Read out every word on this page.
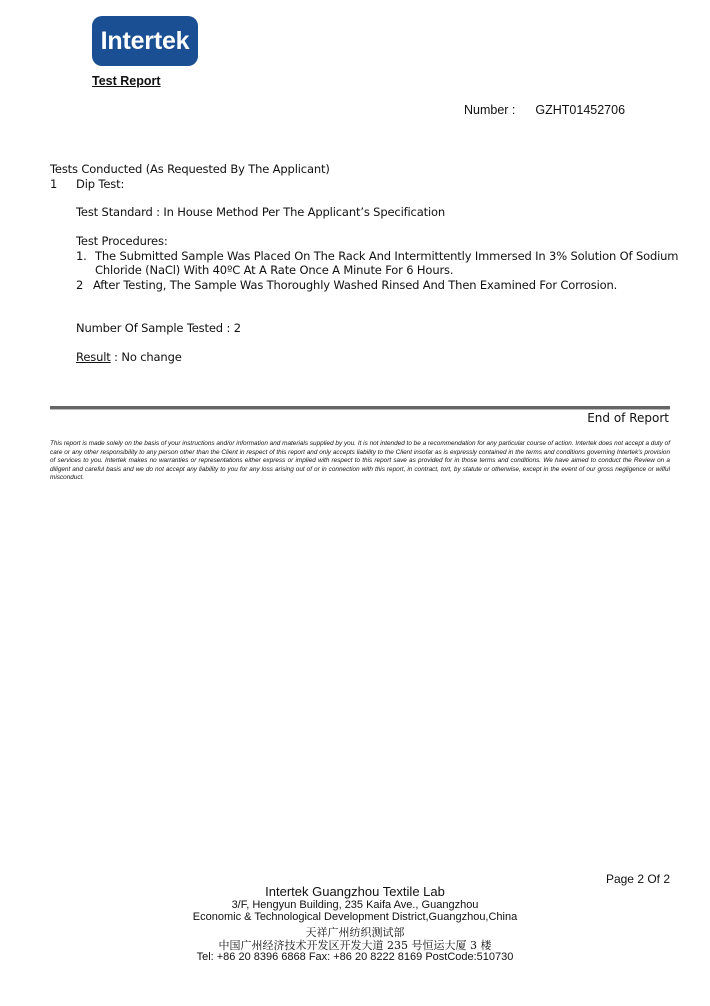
Intertek
Test Report
Number : GZHT01452706
Tests Conducted (As Requested By The Applicant)
1 Dip Test:
Test Standard : In House Method Per The Applicant’s Specification
Test Procedures:
1. The Submitted Sample Was Placed On The Rack And Intermittently Immersed In 3% Solution Of Sodium
Chloride (NaCl) With 40ºC At A Rate Once A Minute For 6 Hours.
2 After Testing, The Sample Was Thoroughly Washed Rinsed And Then Examined For Corrosion.
Number Of Sample Tested : 2
Result : No change
End of Report
This report is made solely on the basis of your instructions and/or information and materials supplied by you. It is not intended to be a recommendation for any particular course of action. Intertek does not accept a duty of care or any other responsibility to any person other than the Client in respect of this report and only accepts liability to the Client insofar as is expressly contained in the terms and conditions governing Intertek's provision of services to you. Intertek makes no warranties or representations either express or implied with respect to this report save as provided for in those terms and conditions. We have aimed to conduct the Review on a diligent and careful basis and we do not accept any liability to you for any loss arising out of or in connection with this report, in contract, tort, by statute or otherwise, except in the event of our gross negligence or wilful misconduct.
Page 2 Of 2
Intertek Guangzhou Textile Lab
3/F, Hengyun Building, 235 Kaifa Ave., Guangzhou
Economic & Technological Development District,Guangzhou,China
天祥广州纺织测试部
中国广州经济技术开发区开发大道 235 号恒运大厦 3 楼
Tel: +86 20 8396 6868 Fax: +86 20 8222 8169 PostCode:510730
